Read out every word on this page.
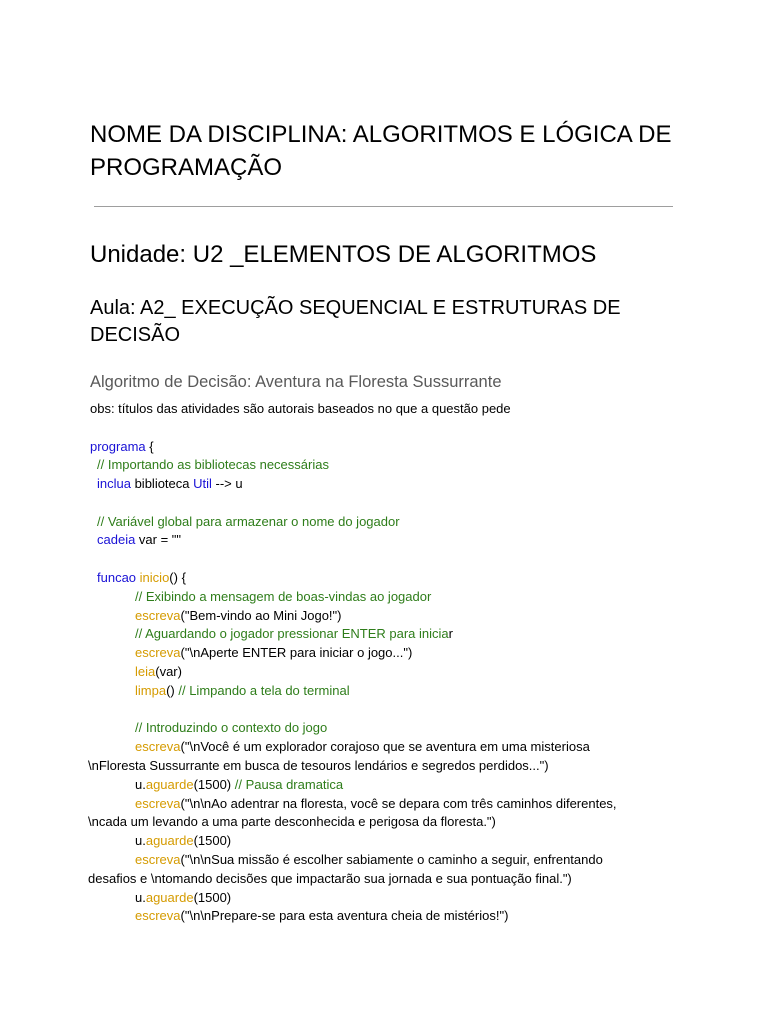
NOME DA DISCIPLINA: ALGORITMOS E LÓGICA DE PROGRAMAÇÃO
Unidade: U2 _ELEMENTOS DE ALGORITMOS
Aula: A2_ EXECUÇÃO SEQUENCIAL E ESTRUTURAS DE DECISÃO

Algoritmo de Decisão: Aventura na Floresta Sussurrante

obs: títulos das atividades são autorais baseados no que a questão pede

programa {
// Importando as bibliotecas necessárias
inclua biblioteca Util --> u
// Variável global para armazenar o nome do jogador
cadeia var = ""
funcao inicio() {
// Exibindo a mensagem de boas-vindas ao jogador
escreva("Bem-vindo ao Mini Jogo!")
// Aguardando o jogador pressionar ENTER para iniciar
escreva("\nAperte ENTER para iniciar o jogo...")
leia(var)
limpa() // Limpando a tela do terminal
// Introduzindo o contexto do jogo
escreva("\nVocê é um explorador corajoso que se aventura em uma misteriosa
\nFloresta Sussurrante em busca de tesouros lendários e segredos perdidos...")
u.aguarde(1500) // Pausa dramatica
escreva("\n\nAo adentrar na floresta, você se depara com três caminhos diferentes,
\ncada um levando a uma parte desconhecida e perigosa da floresta.")
u.aguarde(1500)
escreva("\n\nSua missão é escolher sabiamente o caminho a seguir, enfrentando
desafios e \ntomando decisões que impactarão sua jornada e sua pontuação final.")
u.aguarde(1500)
escreva("\n\nPrepare-se para esta aventura cheia de mistérios!")
